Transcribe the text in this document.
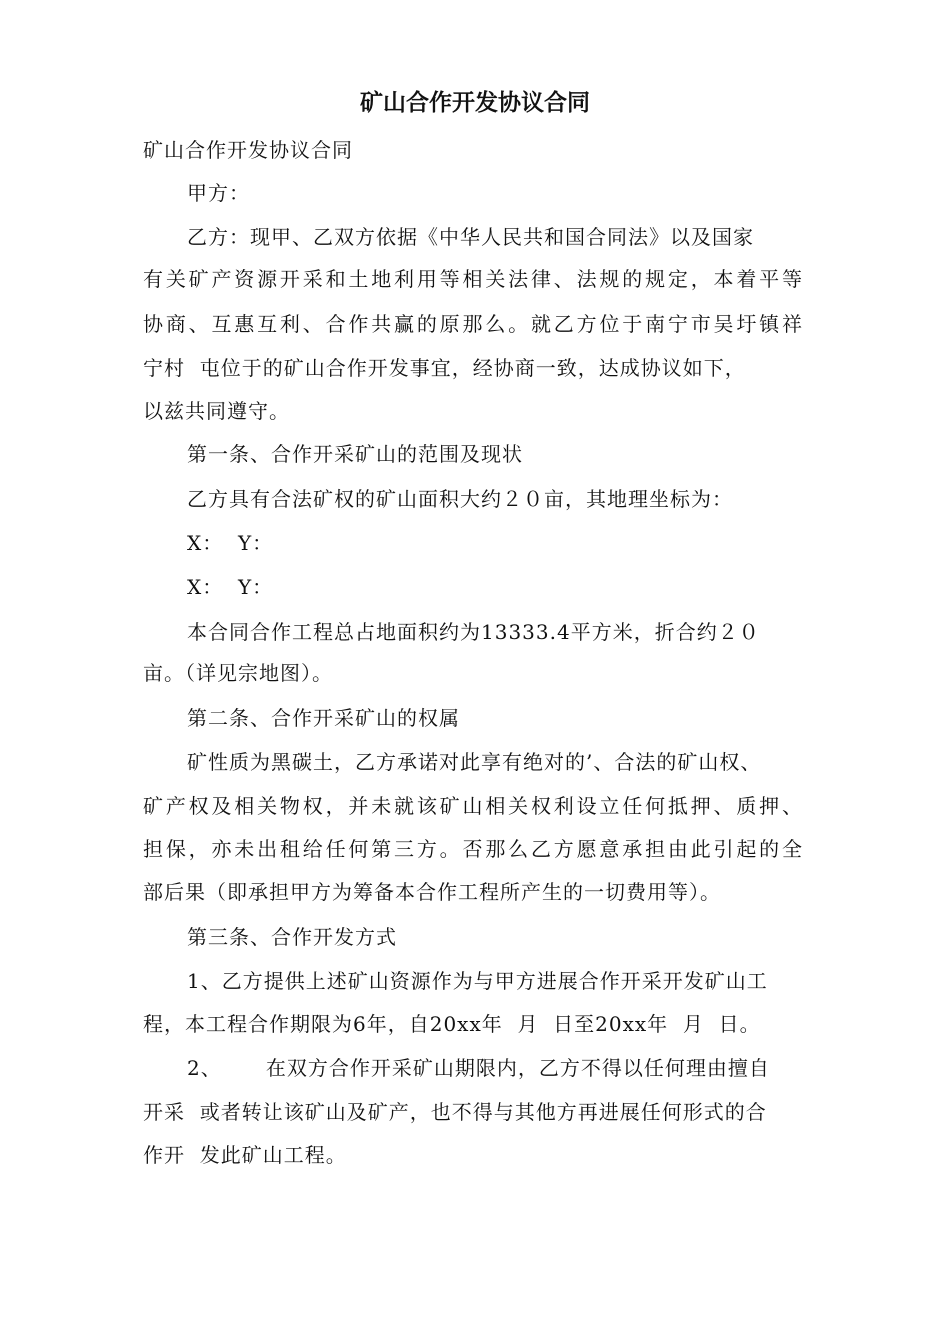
矿山合作开发协议合同
矿山合作开发协议合同
甲方：
乙方：现甲、乙双方依据《中华人民共和国合同法》以及国家
有关矿产资源开采和土地利用等相关法律、法规的规定，本着平等
协商、互惠互利、合作共赢的原那么。就乙方位于南宁市吴圩镇祥
宁村  屯位于的矿山合作开发事宜，经协商一致，达成协议如下，
以兹共同遵守。
第一条、合作开采矿山的范围及现状
乙方具有合法矿权的矿山面积大约２０亩，其地理坐标为：
X：  Y：
X：  Y：
本合同合作工程总占地面积约为13333.4平方米，折合约２０
亩。（详见宗地图）。
第二条、合作开采矿山的权属
矿性质为黑碳土，乙方承诺对此享有绝对的’、合法的矿山权、
矿产权及相关物权，并未就该矿山相关权利设立任何抵押、质押、
担保，亦未出租给任何第三方。否那么乙方愿意承担由此引起的全
部后果（即承担甲方为筹备本合作工程所产生的一切费用等）。
第三条、合作开发方式
1、乙方提供上述矿山资源作为与甲方进展合作开采开发矿山工
程，本工程合作期限为6年，自20xx年  月  日至20xx年  月  日。
2、      在双方合作开采矿山期限内，乙方不得以任何理由擅自
开采  或者转让该矿山及矿产，也不得与其他方再进展任何形式的合
作开  发此矿山工程。
